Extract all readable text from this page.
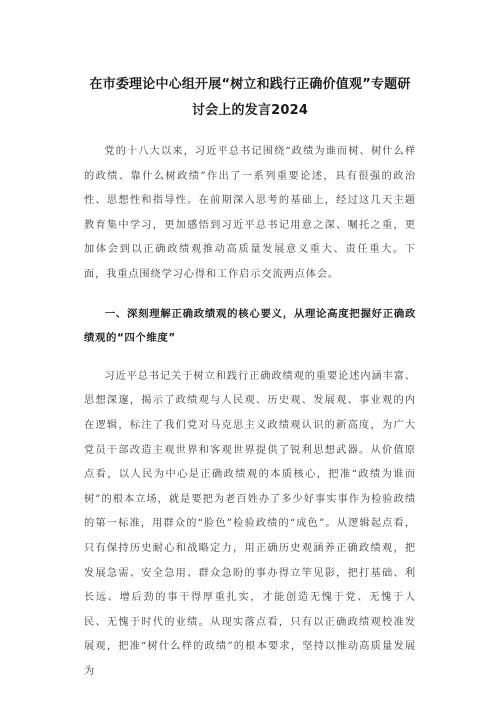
在市委理论中心组开展“树立和践行正确价值观”专题研
讨会上的发言2024

党的十八大以来，习近平总书记围绕“政绩为谁而树、树什么样的政绩、靠什么树政绩”作出了一系列重要论述，具有很强的政治性、思想性和指导性。在前期深入思考的基础上，经过这几天主题教育集中学习，更加感悟到习近平总书记用意之深、嘱托之重，更加体会到以正确政绩观推动高质量发展意义重大、责任重大。下面，我重点围绕学习心得和工作启示交流两点体会。

一、深刻理解正确政绩观的核心要义，从理论高度把握好正确政绩观的“四个维度”

习近平总书记关于树立和践行正确政绩观的重要论述内涵丰富、思想深邃，揭示了政绩观与人民观、历史观、发展观、事业观的内在逻辑，标注了我们党对马克思主义政绩观认识的新高度，为广大党员干部改造主观世界和客观世界提供了锐利思想武器。从价值原点看，以人民为中心是正确政绩观的本质核心，把准“政绩为谁而树”的根本立场，就是要把为老百姓办了多少好事实事作为检验政绩的第一标准，用群众的“脸色”检验政绩的“成色”。从逻辑起点看，只有保持历史耐心和战略定力，用正确历史观涵养正确政绩观，把发展急需、安全急用、群众急盼的事办得立竿见影，把打基础、利长远、增后劲的事干得厚重扎实，才能创造无愧于党、无愧于人民、无愧于时代的业绩。从现实落点看，只有以正确政绩观校准发展观，把准“树什么样的政绩”的根本要求，坚持以推动高质量发展为
